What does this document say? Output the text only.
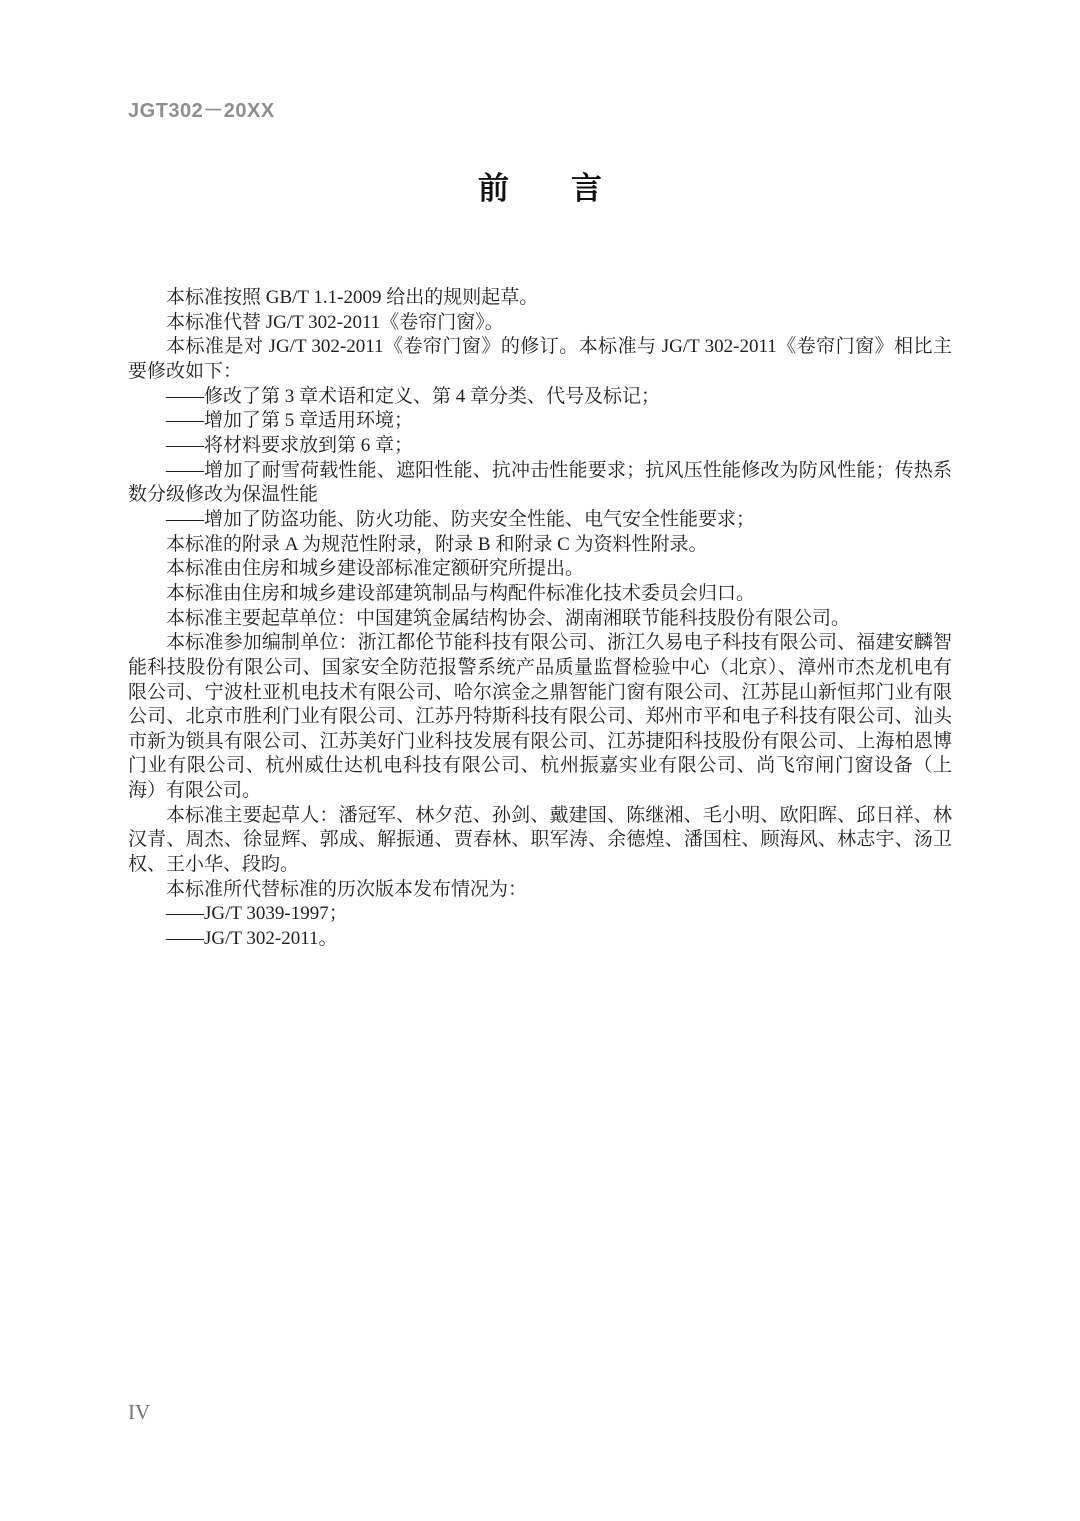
JGT302－20XX
前　　言

本标准按照 GB/T 1.1-2009 给出的规则起草。

本标准代替 JG/T 302-2011《卷帘门窗》。

本标准是对 JG/T 302-2011《卷帘门窗》的修订。本标准与 JG/T 302-2011《卷帘门窗》相比主要修改如下：

——修改了第 3 章术语和定义、第 4 章分类、代号及标记；

——增加了第 5 章适用环境；

——将材料要求放到第 6 章；

——增加了耐雪荷载性能、遮阳性能、抗冲击性能要求；抗风压性能修改为防风性能；传热系数分级修改为保温性能

——增加了防盗功能、防火功能、防夹安全性能、电气安全性能要求；

本标准的附录 A 为规范性附录，附录 B 和附录 C 为资料性附录。

本标准由住房和城乡建设部标准定额研究所提出。

本标准由住房和城乡建设部建筑制品与构配件标准化技术委员会归口。

本标准主要起草单位：中国建筑金属结构协会、湖南湘联节能科技股份有限公司。

本标准参加编制单位：浙江都伦节能科技有限公司、浙江久易电子科技有限公司、福建安麟智能科技股份有限公司、国家安全防范报警系统产品质量监督检验中心（北京）、漳州市杰龙机电有限公司、宁波杜亚机电技术有限公司、哈尔滨金之鼎智能门窗有限公司、江苏昆山新恒邦门业有限公司、北京市胜利门业有限公司、江苏丹特斯科技有限公司、郑州市平和电子科技有限公司、汕头市新为锁具有限公司、江苏美好门业科技发展有限公司、江苏捷阳科技股份有限公司、上海柏恩博门业有限公司、杭州威仕达机电科技有限公司、杭州振嘉实业有限公司、尚飞帘闸门窗设备（上海）有限公司。

本标准主要起草人：潘冠军、林夕范、孙剑、戴建国、陈继湘、毛小明、欧阳晖、邱日祥、林汉青、周杰、徐显辉、郭成、解振通、贾春林、职军涛、余德煌、潘国柱、顾海风、林志宇、汤卫权、王小华、段昀。

本标准所代替标准的历次版本发布情况为：

——JG/T 3039-1997；

——JG/T 302-2011。

IV
